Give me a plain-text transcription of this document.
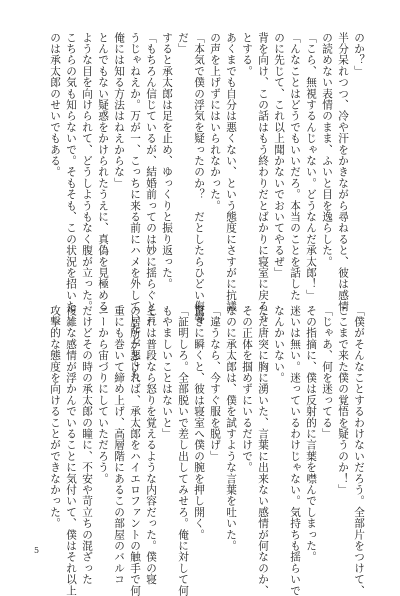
のか？」

半分呆れつつ、冷や汗をかきながら尋ねると、彼は感情

の読めない表情のまま、ふいと目を逸らした。

「こら、無視するんじゃない。どうなんだ承太郎！」

「んなことはどうでもいいだろ。本当のことを話した

のに先じて、これ以上聞かないでおいてやるぜ」

背を向け、この話はもう終わりだとばかりに寝室に戻ろう

とする。

あくまでも自分は悪くない、という態度にさすがに抗議

の声を上げずにはいられなかった。

「本気で僕の浮気を疑ったのか？　だとしたらひどい侮辱

だ」

すると承太郎は足を止め、ゆっくりと振り返った。

「もちろん信じているが、結婚前ってのは妙に揺らぐと言

うじゃねえか。万が一、こっちに来る前にハメを外していたとしても、

俺には知る方法はねえからな」

とんでもない疑惑をかけられたうえに、真偽を見極める

ような目を向けられて、どうしようもなく腹が立った。

こちらの気も知らないで。そもそも、この状況を招いた

のは承太郎のせいでもある。

「僕がそんなことするわけないだろう。全部片をつけて、

ここまで来た僕の覚悟を疑うのか！」

「じゃあ、何を迷ってる」

その指摘に、僕は反射的に言葉を噤んでしまった。

迷いは無い。迷っているわけじゃない。気持ちも揺らいで

なんかいない。

ただ唐突に胸に湧いた、言葉に出来ない感情が何なのか、

その正体を掴めずにいるだけで。

なのに承太郎は、僕を試すような言葉を吐いた。

「違うなら、今すぐ服を脱げ」

驚きに瞬くと、彼は寝室へ僕の腕を押し開く。

「証明しろ。全部脱いで差し出してみせろ。俺に対して何

もやましいことはないと」

それは普段なら怒りを覚えるような内容だった。僕の寝

の居所が悪ければ、承太郎をハイエロファントの触手で何

重にも巻いて締め上げ、高層階にあるこの部屋のバルコ

ニーから宙づりにしていただろう。

だけどその時の承太郎の瞳に、不安や苛立ちの混ざった

複雑な感情が浮かんでいることに気付いて、僕はそれ以上

攻撃的な態度を向けることができなかった。

5
